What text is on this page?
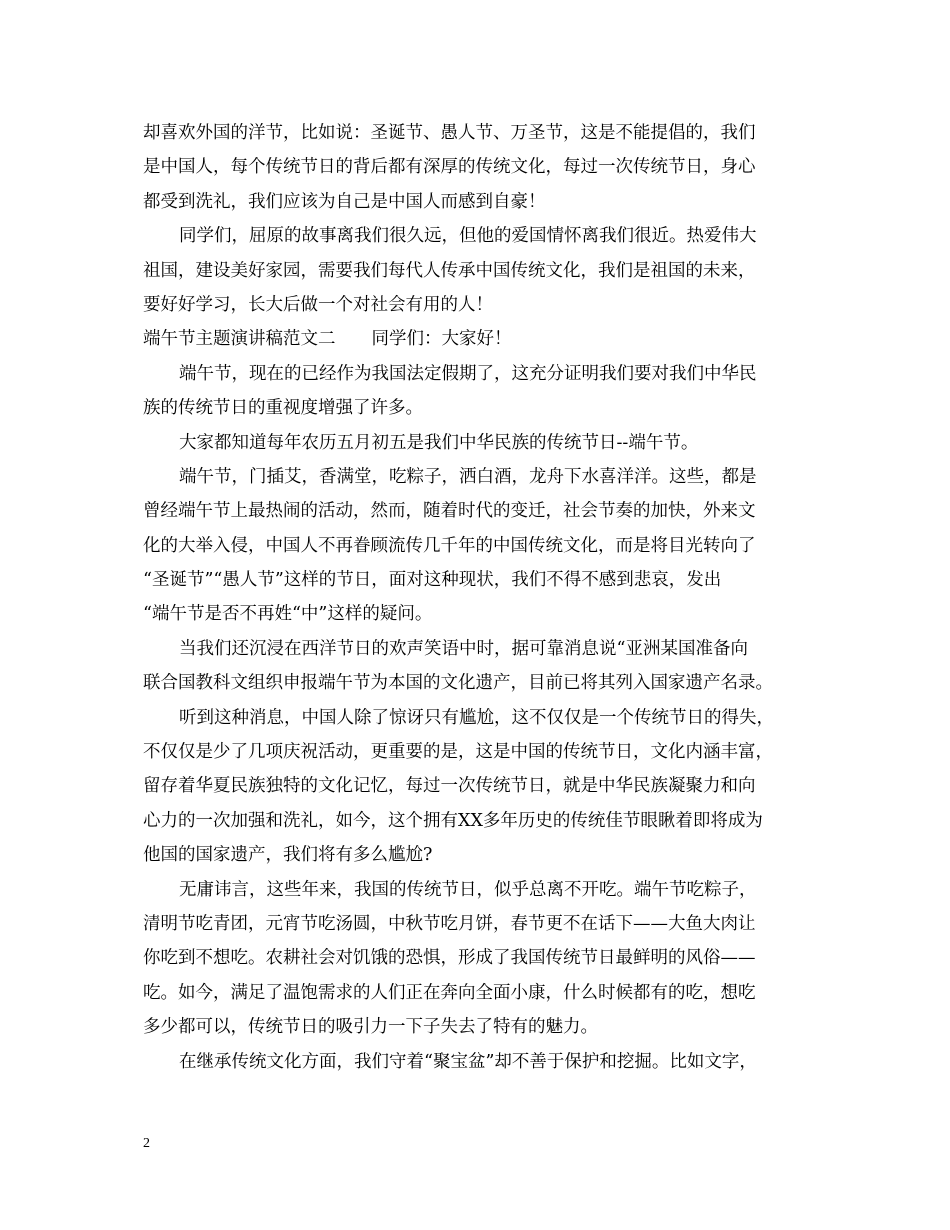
却喜欢外国的洋节，比如说：圣诞节、愚人节、万圣节，这是不能提倡的，我们
是中国人，每个传统节日的背后都有深厚的传统文化，每过一次传统节日，身心
都受到洗礼，我们应该为自己是中国人而感到自豪！
同学们，屈原的故事离我们很久远，但他的爱国情怀离我们很近。热爱伟大
祖国，建设美好家园，需要我们每代人传承中国传统文化，我们是祖国的未来，
要好好学习，长大后做一个对社会有用的人！
端午节主题演讲稿范文二 同学们：大家好！
端午节，现在的已经作为我国法定假期了，这充分证明我们要对我们中华民
族的传统节日的重视度增强了许多。
大家都知道每年农历五月初五是我们中华民族的传统节日--端午节。
端午节，门插艾，香满堂，吃粽子，洒白酒，龙舟下水喜洋洋。这些，都是
曾经端午节上最热闹的活动，然而，随着时代的变迁，社会节奏的加快，外来文
化的大举入侵，中国人不再眷顾流传几千年的中国传统文化，而是将目光转向了
“圣诞节”“愚人节”这样的节日，面对这种现状，我们不得不感到悲哀，发出
“端午节是否不再姓“中”这样的疑问。
当我们还沉浸在西洋节日的欢声笑语中时，据可靠消息说“亚洲某国准备向
联合国教科文组织申报端午节为本国的文化遗产，目前已将其列入国家遗产名录。
听到这种消息，中国人除了惊讶只有尴尬，这不仅仅是一个传统节日的得失，
不仅仅是少了几项庆祝活动，更重要的是，这是中国的传统节日，文化内涵丰富，
留存着华夏民族独特的文化记忆，每过一次传统节日，就是中华民族凝聚力和向
心力的一次加强和洗礼，如今，这个拥有XX多年历史的传统佳节眼瞅着即将成为
他国的国家遗产，我们将有多么尴尬?
无庸讳言，这些年来，我国的传统节日，似乎总离不开吃。端午节吃粽子，
清明节吃青团，元宵节吃汤圆，中秋节吃月饼，春节更不在话下——大鱼大肉让
你吃到不想吃。农耕社会对饥饿的恐惧，形成了我国传统节日最鲜明的风俗——
吃。如今，满足了温饱需求的人们正在奔向全面小康，什么时候都有的吃，想吃
多少都可以，传统节日的吸引力一下子失去了特有的魅力。
在继承传统文化方面，我们守着“聚宝盆”却不善于保护和挖掘。比如文字，
2
